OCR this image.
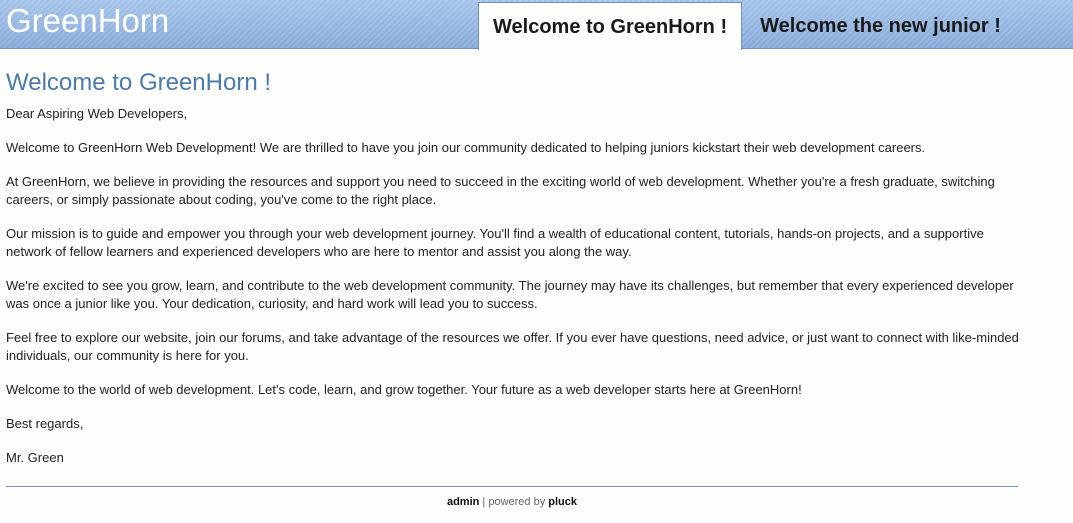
GreenHorn	Welcome to GreenHorn !	Welcome the new junior !
Welcome to GreenHorn !

Dear Aspiring Web Developers,

Welcome to GreenHorn Web Development! We are thrilled to have you join our community dedicated to helping juniors kickstart their web development careers.

At GreenHorn, we believe in providing the resources and support you need to succeed in the exciting world of web development. Whether you're a fresh graduate, switching careers, or simply passionate about coding, you've come to the right place.

Our mission is to guide and empower you through your web development journey. You'll find a wealth of educational content, tutorials, hands-on projects, and a supportive network of fellow learners and experienced developers who are here to mentor and assist you along the way.

We're excited to see you grow, learn, and contribute to the web development community. The journey may have its challenges, but remember that every experienced developer was once a junior like you. Your dedication, curiosity, and hard work will lead you to success.

Feel free to explore our website, join our forums, and take advantage of the resources we offer. If you ever have questions, need advice, or just want to connect with like-minded individuals, our community is here for you.

Welcome to the world of web development. Let's code, learn, and grow together. Your future as a web developer starts here at GreenHorn!

Best regards,

Mr. Green

admin | powered by pluck
